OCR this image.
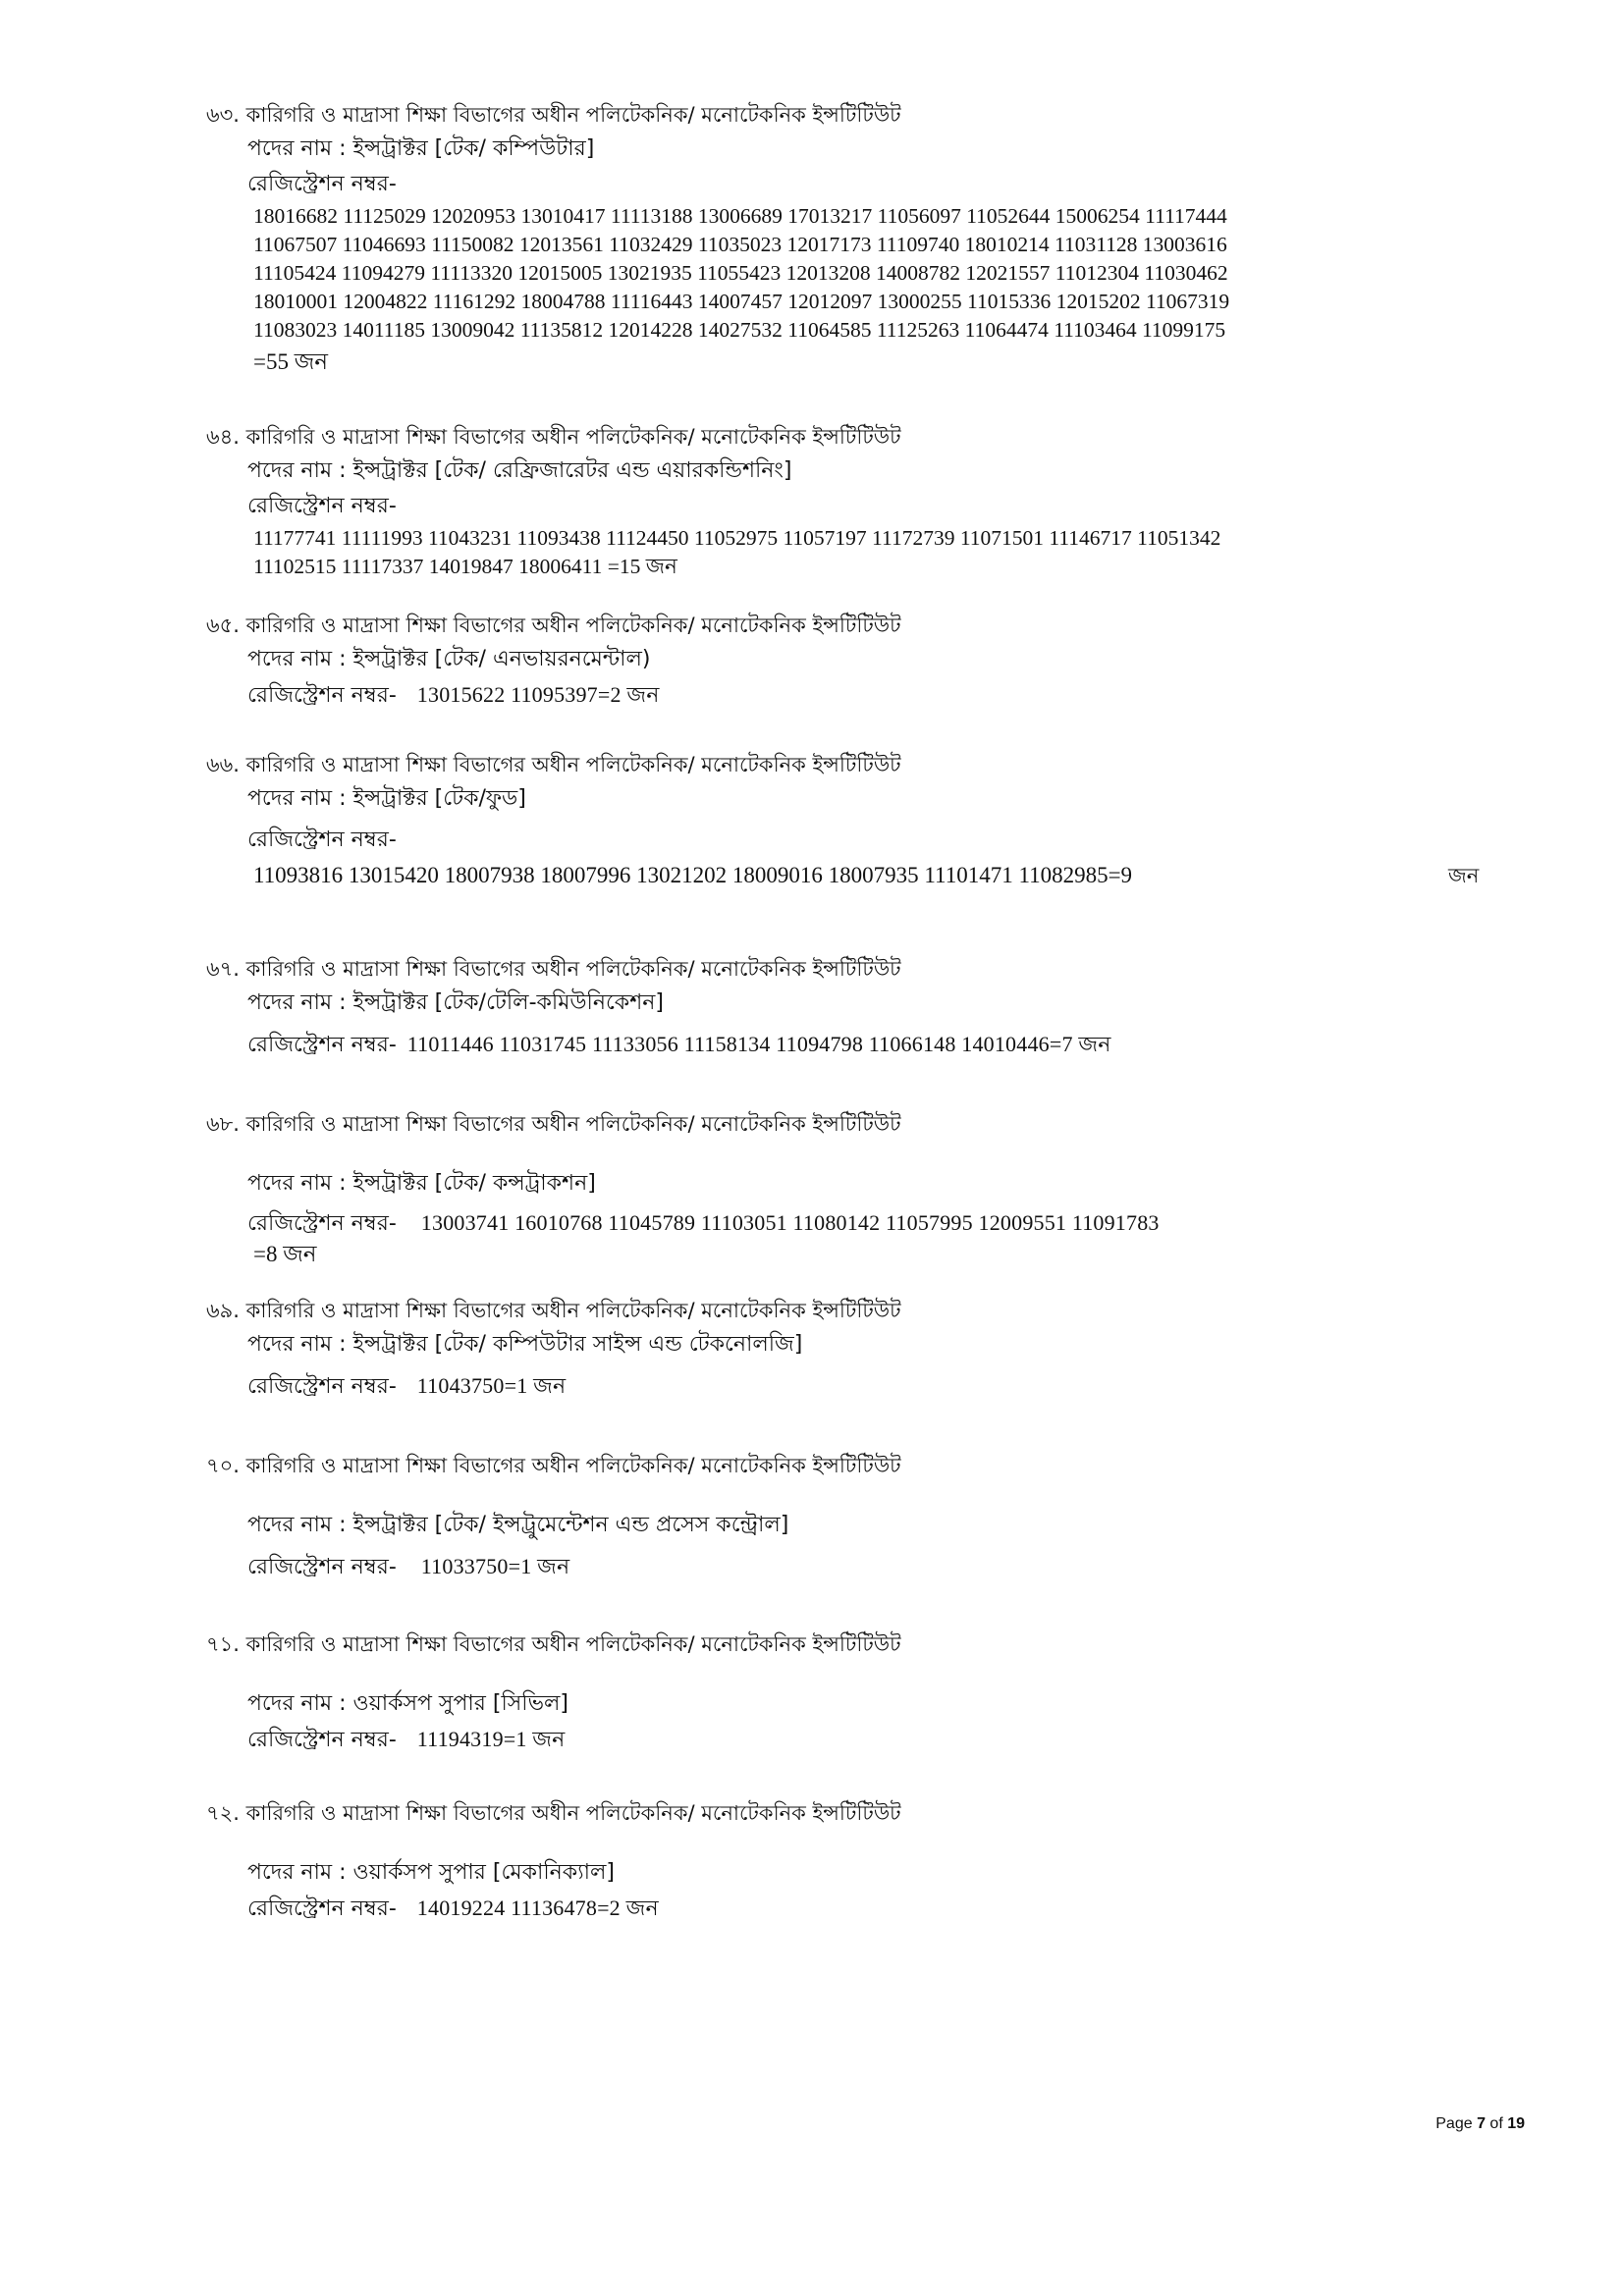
৬৩. কারিগরি ও মাদ্রাসা শিক্ষা বিভাগের অধীন পলিটেকনিক/ মনোটেকনিক ইন্সটিটিউট
পদের নাম : ইন্সট্রাক্টর [টেক/ কম্পিউটার]
রেজিস্ট্রেশন নম্বর-
18016682 11125029 12020953 13010417 11113188 13006689 17013217 11056097 11052644 15006254 11117444
11067507 11046693 11150082 12013561 11032429 11035023 12017173 11109740 18010214 11031128 13003616
11105424 11094279 11113320 12015005 13021935 11055423 12013208 14008782 12021557 11012304 11030462
18010001 12004822 11161292 18004788 11116443 14007457 12012097 13000255 11015336 12015202 11067319
11083023 14011185 13009042 11135812 12014228 14027532 11064585 11125263 11064474 11103464 11099175
=55 জন
৬৪. কারিগরি ও মাদ্রাসা শিক্ষা বিভাগের অধীন পলিটেকনিক/ মনোটেকনিক ইন্সটিটিউট
পদের নাম : ইন্সট্রাক্টর [টেক/ রেফ্রিজারেটর এন্ড এয়ারকন্ডিশনিং]
রেজিস্ট্রেশন নম্বর-
11177741 11111993 11043231 11093438 11124450 11052975 11057197 11172739 11071501 11146717 11051342
11102515 11117337 14019847 18006411 =15 জন
৬৫. কারিগরি ও মাদ্রাসা শিক্ষা বিভাগের অধীন পলিটেকনিক/ মনোটেকনিক ইন্সটিটিউট
পদের নাম : ইন্সট্রাক্টর [টেক/ এনভায়রনমেন্টাল)
রেজিস্ট্রেশন নম্বর- 13015622 11095397=2 জন
৬৬. কারিগরি ও মাদ্রাসা শিক্ষা বিভাগের অধীন পলিটেকনিক/ মনোটেকনিক ইন্সটিটিউট
পদের নাম : ইন্সট্রাক্টর [টেক/ফুড]
রেজিস্ট্রেশন নম্বর-
11093816 13015420 18007938 18007996 13021202 18009016 18007935 11101471 11082985=9	জন
৬৭. কারিগরি ও মাদ্রাসা শিক্ষা বিভাগের অধীন পলিটেকনিক/ মনোটেকনিক ইন্সটিটিউট
পদের নাম : ইন্সট্রাক্টর [টেক/টেলি-কমিউনিকেশন]
রেজিস্ট্রেশন নম্বর- 11011446 11031745 11133056 11158134 11094798 11066148 14010446=7 জন
৬৮. কারিগরি ও মাদ্রাসা শিক্ষা বিভাগের অধীন পলিটেকনিক/ মনোটেকনিক ইন্সটিটিউট
পদের নাম : ইন্সট্রাক্টর [টেক/ কন্সট্রাকশন]
রেজিস্ট্রেশন নম্বর- 13003741 16010768 11045789 11103051 11080142 11057995 12009551 11091783
=8 জন
৬৯. কারিগরি ও মাদ্রাসা শিক্ষা বিভাগের অধীন পলিটেকনিক/ মনোটেকনিক ইন্সটিটিউট
পদের নাম : ইন্সট্রাক্টর [টেক/ কম্পিউটার সাইন্স এন্ড টেকনোলজি]
রেজিস্ট্রেশন নম্বর- 11043750=1 জন
৭০. কারিগরি ও মাদ্রাসা শিক্ষা বিভাগের অধীন পলিটেকনিক/ মনোটেকনিক ইন্সটিটিউট
পদের নাম : ইন্সট্রাক্টর [টেক/ ইন্সট্রুমেন্টেশন এন্ড প্রসেস কন্ট্রোল]
রেজিস্ট্রেশন নম্বর- 11033750=1 জন
৭১. কারিগরি ও মাদ্রাসা শিক্ষা বিভাগের অধীন পলিটেকনিক/ মনোটেকনিক ইন্সটিটিউট
পদের নাম : ওয়ার্কসপ সুপার [সিভিল]
রেজিস্ট্রেশন নম্বর- 11194319=1 জন
৭২. কারিগরি ও মাদ্রাসা শিক্ষা বিভাগের অধীন পলিটেকনিক/ মনোটেকনিক ইন্সটিটিউট
পদের নাম : ওয়ার্কসপ সুপার [মেকানিক্যাল]
রেজিস্ট্রেশন নম্বর- 14019224 11136478=2 জন
Page 7 of 19
